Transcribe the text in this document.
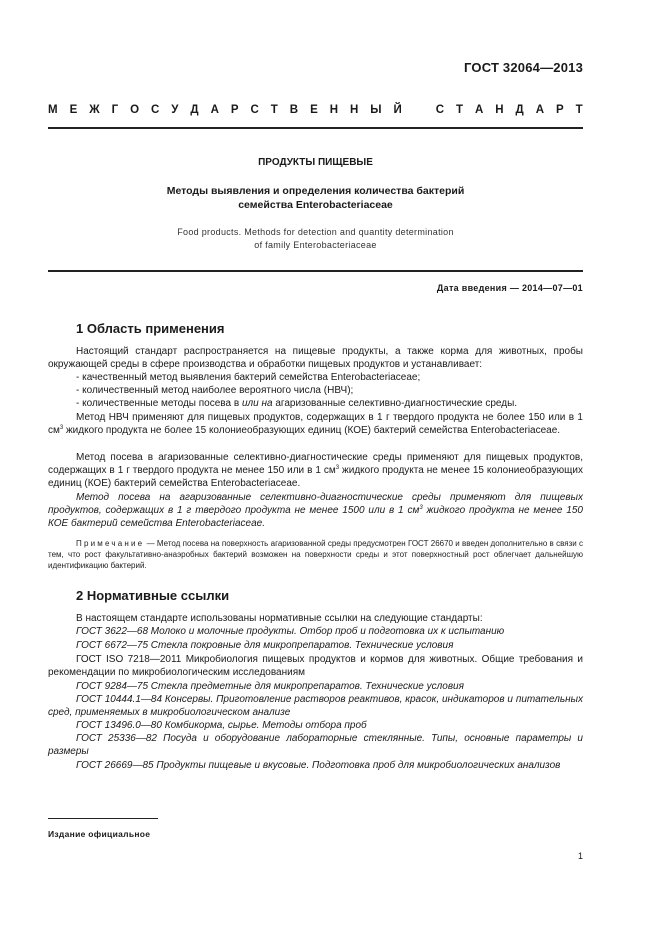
ГОСТ 32064—2013
М Е Ж Г О С У Д А Р С Т В Е Н Н Ы Й	С Т А Н Д А Р Т
ПРОДУКТЫ ПИЩЕВЫЕ
Методы выявления и определения количества бактерий
семейства Enterobacteriaceae
Food products. Methods for detection and quantity determination
of family Enterobacteriaceae
Дата введения — 2014—07—01
1 Область применения
Настоящий стандарт распространяется на пищевые продукты, а также корма для животных, пробы окружающей среды в сфере производства и обработки пищевых продуктов и устанавливает:
- качественный метод выявления бактерий семейства Enterobacteriaceae;
- количественный метод наиболее вероятного числа (НВЧ);
- количественные методы посева в или на агаризованные селективно-диагностические среды.
Метод НВЧ применяют для пищевых продуктов, содержащих в 1 г твердого продукта не более 150 или в 1 $см^3$ жидкого продукта не более 15 колониеобразующих единиц (КОЕ) бактерий семейства Enterobacteriaceae.
Метод посева в агаризованные селективно-диагностические среды применяют для пищевых продуктов, содержащих в 1 г твердого продукта не менее 150 или в 1 $см^3$ жидкого продукта не менее 15 колониеобразующих единиц (КОЕ) бактерий семейства Enterobacteriaceae.
Метод посева на агаризованные селективно-диагностические среды применяют для пищевых продуктов, содержащих в 1 г твердого продукта не менее 1500 или в 1 $см^3$ жидкого продукта не менее 150 КОЕ бактерий семейства Enterobacteriaceae.
Примечание — Метод посева на поверхность агаризованной среды предусмотрен ГОСТ 26670 и введен дополнительно в связи с тем, что рост факультативно-анаэробных бактерий возможен на поверхности среды и этот поверхностный рост облегчает дальнейшую идентификацию бактерий.
2 Нормативные ссылки
В настоящем стандарте использованы нормативные ссылки на следующие стандарты:
ГОСТ 3622—68 Молоко и молочные продукты. Отбор проб и подготовка их к испытанию
ГОСТ 6672—75 Стекла покровные для микропрепаратов. Технические условия
ГОСТ ISO 7218—2011 Микробиология пищевых продуктов и кормов для животных. Общие требования и рекомендации по микробиологическим исследованиям
ГОСТ 9284—75 Стекла предметные для микропрепаратов. Технические условия
ГОСТ 10444.1—84 Консервы. Приготовление растворов реактивов, красок, индикаторов и питательных сред, применяемых в микробиологическом анализе
ГОСТ 13496.0—80 Комбикорма, сырье. Методы отбора проб
ГОСТ 25336—82 Посуда и оборудование лабораторные стеклянные. Типы, основные параметры и размеры
ГОСТ 26669—85 Продукты пищевые и вкусовые. Подготовка проб для микробиологических анализов
Издание официальное
1
